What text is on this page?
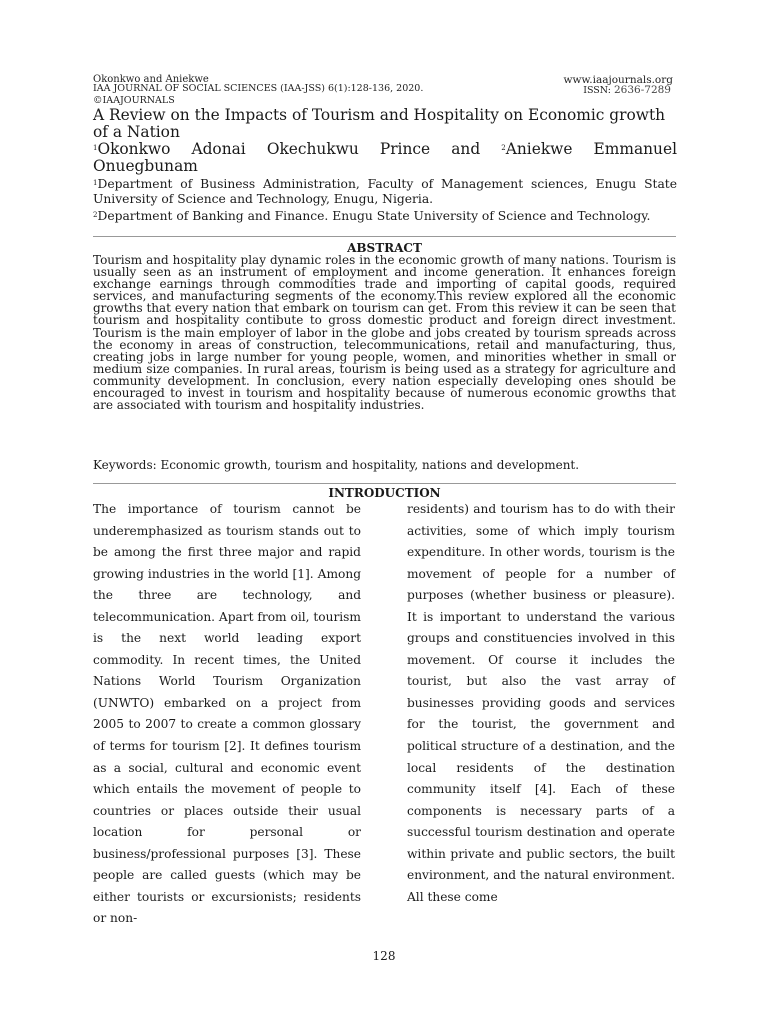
Okonkwo and Aniekwe
IAA JOURNAL OF SOCIAL SCIENCES (IAA-JSS) 6(1):128-136, 2020.
©IAAJOURNALS
www.iaajournals.org
ISSN: 2636-7289
A Review on the Impacts of Tourism and Hospitality on Economic growth of a Nation
$^1$Okonkwo Adonai Okechukwu Prince and	$^2$Aniekwe Emmanuel
Onuegbunam
$^1$Department of Business Administration, Faculty of Management sciences, Enugu State University of Science and Technology, Enugu, Nigeria.
$^2$Department of Banking and Finance. Enugu State University of Science and Technology.
ABSTRACT
Tourism and hospitality play dynamic roles in the economic growth of many nations. Tourism is usually seen as an instrument of employment and income generation. It enhances foreign exchange earnings through commodities trade and importing of capital goods, required services, and manufacturing segments of the economy.This review explored all the economic growths that every nation that embark on tourism can get. From this review it can be seen that tourism and hospitality contibute to gross domestic product and foreign direct investment. Tourism is the main employer of labor in the globe and jobs created by tourism spreads across the economy in areas of construction, telecommunications, retail and manufacturing, thus, creating jobs in large number for young people, women, and minorities whether in small or medium size companies. In rural areas, tourism is being used as a strategy for agriculture and community development. In conclusion, every nation especially developing ones should be encouraged to invest in tourism and hospitality because of numerous economic growths that are associated with tourism and hospitality industries.
Keywords: Economic growth, tourism and hospitality, nations and development.
INTRODUCTION
The importance of tourism cannot be underemphasized as tourism stands out to be among the first three major and rapid growing industries in the world [1]. Among the three are technology, and telecommunication. Apart from oil, tourism is the next world leading export commodity. In recent times, the United Nations World Tourism Organization (UNWTO) embarked on a project from 2005 to 2007 to create a common glossary of terms for tourism [2]. It defines tourism as a social, cultural and economic event which entails the movement of people to countries or places outside their usual location for personal or business/professional purposes [3]. These people are called guests (which may be either tourists or excursionists; residents or non-
residents) and tourism has to do with their activities, some of which imply tourism expenditure. In other words, tourism is the movement of people for a number of purposes (whether business or pleasure). It is important to understand the various groups and constituencies involved in this movement. Of course it includes the tourist, but also the vast array of businesses providing goods and services for the tourist, the government and political structure of a destination, and the local residents of the destination community itself [4]. Each of these components is necessary parts of a successful tourism destination and operate within private and public sectors, the built environment, and the natural environment. All these come
128
